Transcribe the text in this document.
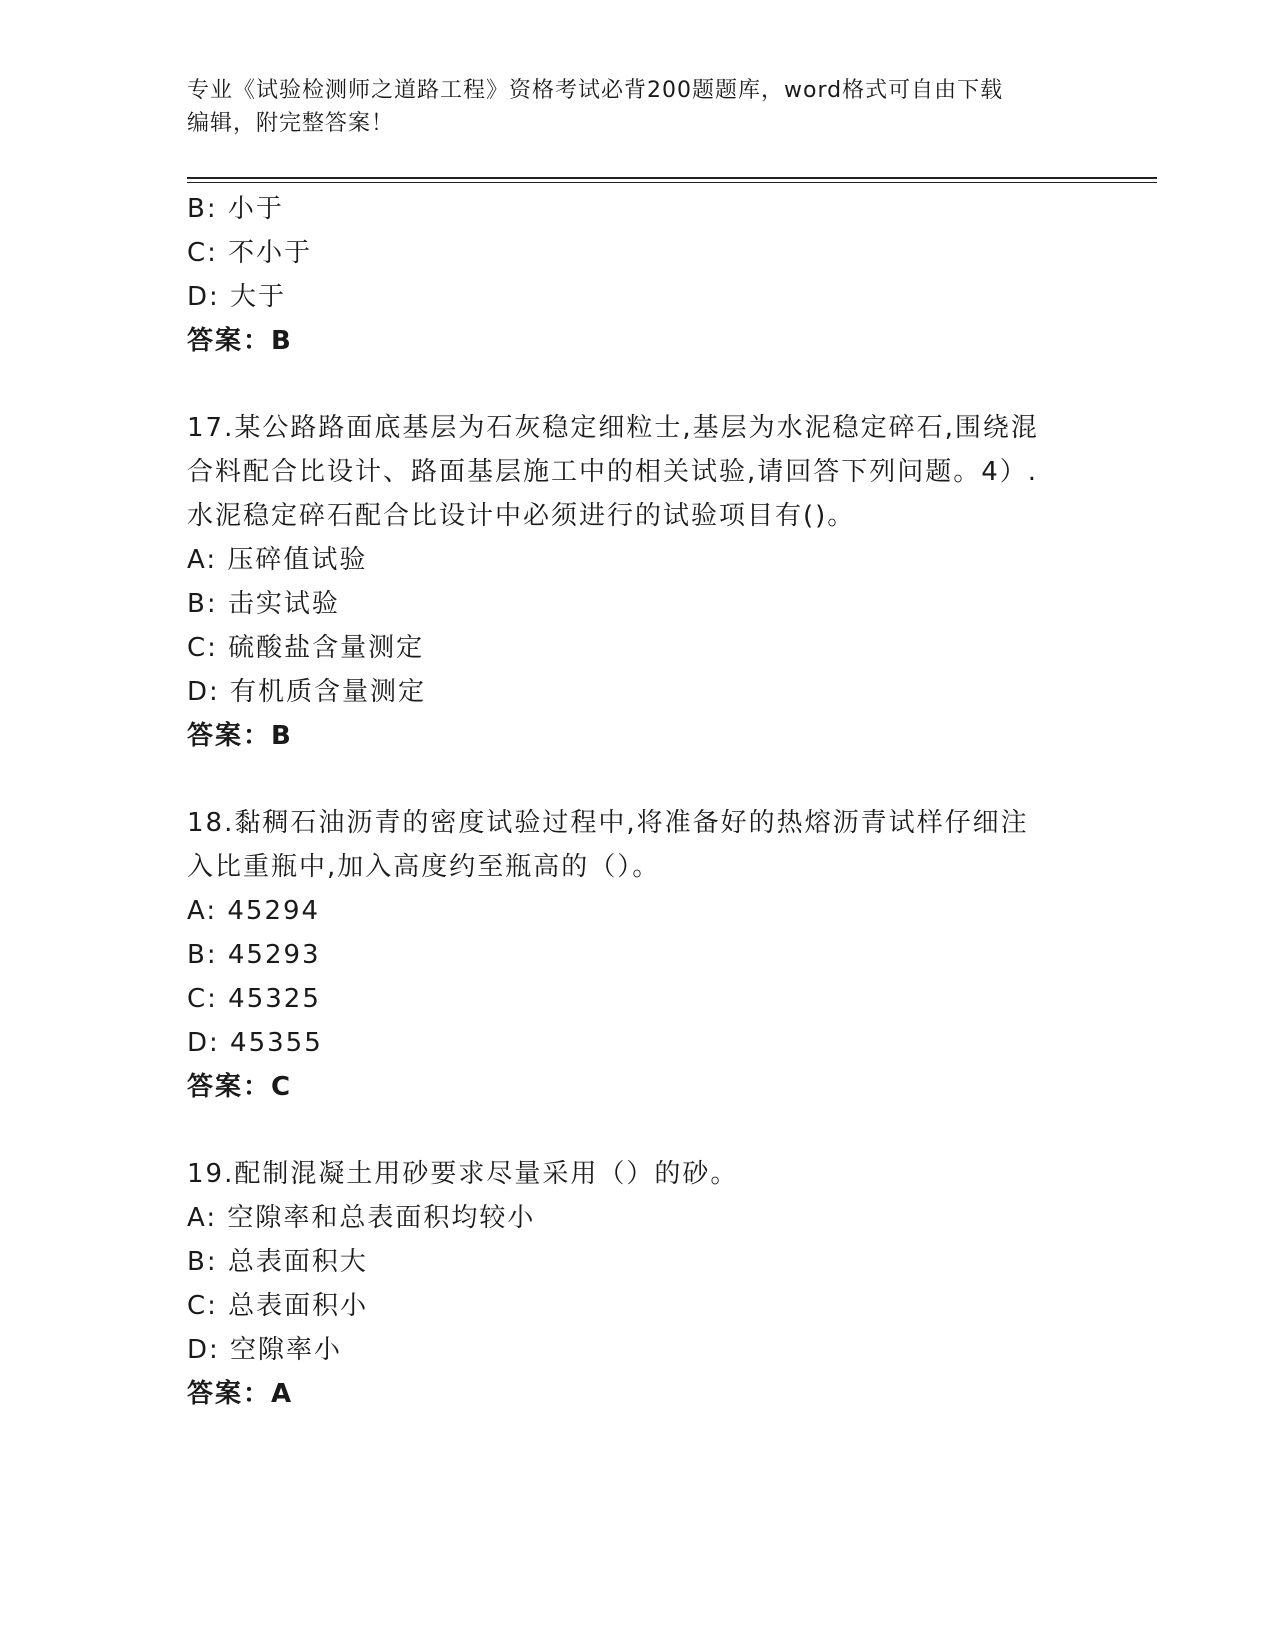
专业《试验检测师之道路工程》资格考试必背200题题库，word格式可自由下载
编辑，附完整答案！
B: 小于
C: 不小于
D: 大于
答案：B
17.某公路路面底基层为石灰稳定细粒士,基层为水泥稳定碎石,围绕混
合料配合比设计、路面基层施工中的相关试验,请回答下列问题。4）.
水泥稳定碎石配合比设计中必须进行的试验项目有()。
A: 压碎值试验
B: 击实试验
C: 硫酸盐含量测定
D: 有机质含量测定
答案：B
18.黏稠石油沥青的密度试验过程中,将准备好的热熔沥青试样仔细注
入比重瓶中,加入高度约至瓶高的（）。
A: 45294
B: 45293
C: 45325
D: 45355
答案：C
19.配制混凝土用砂要求尽量采用（）的砂。
A: 空隙率和总表面积均较小
B: 总表面积大
C: 总表面积小
D: 空隙率小
答案：A
